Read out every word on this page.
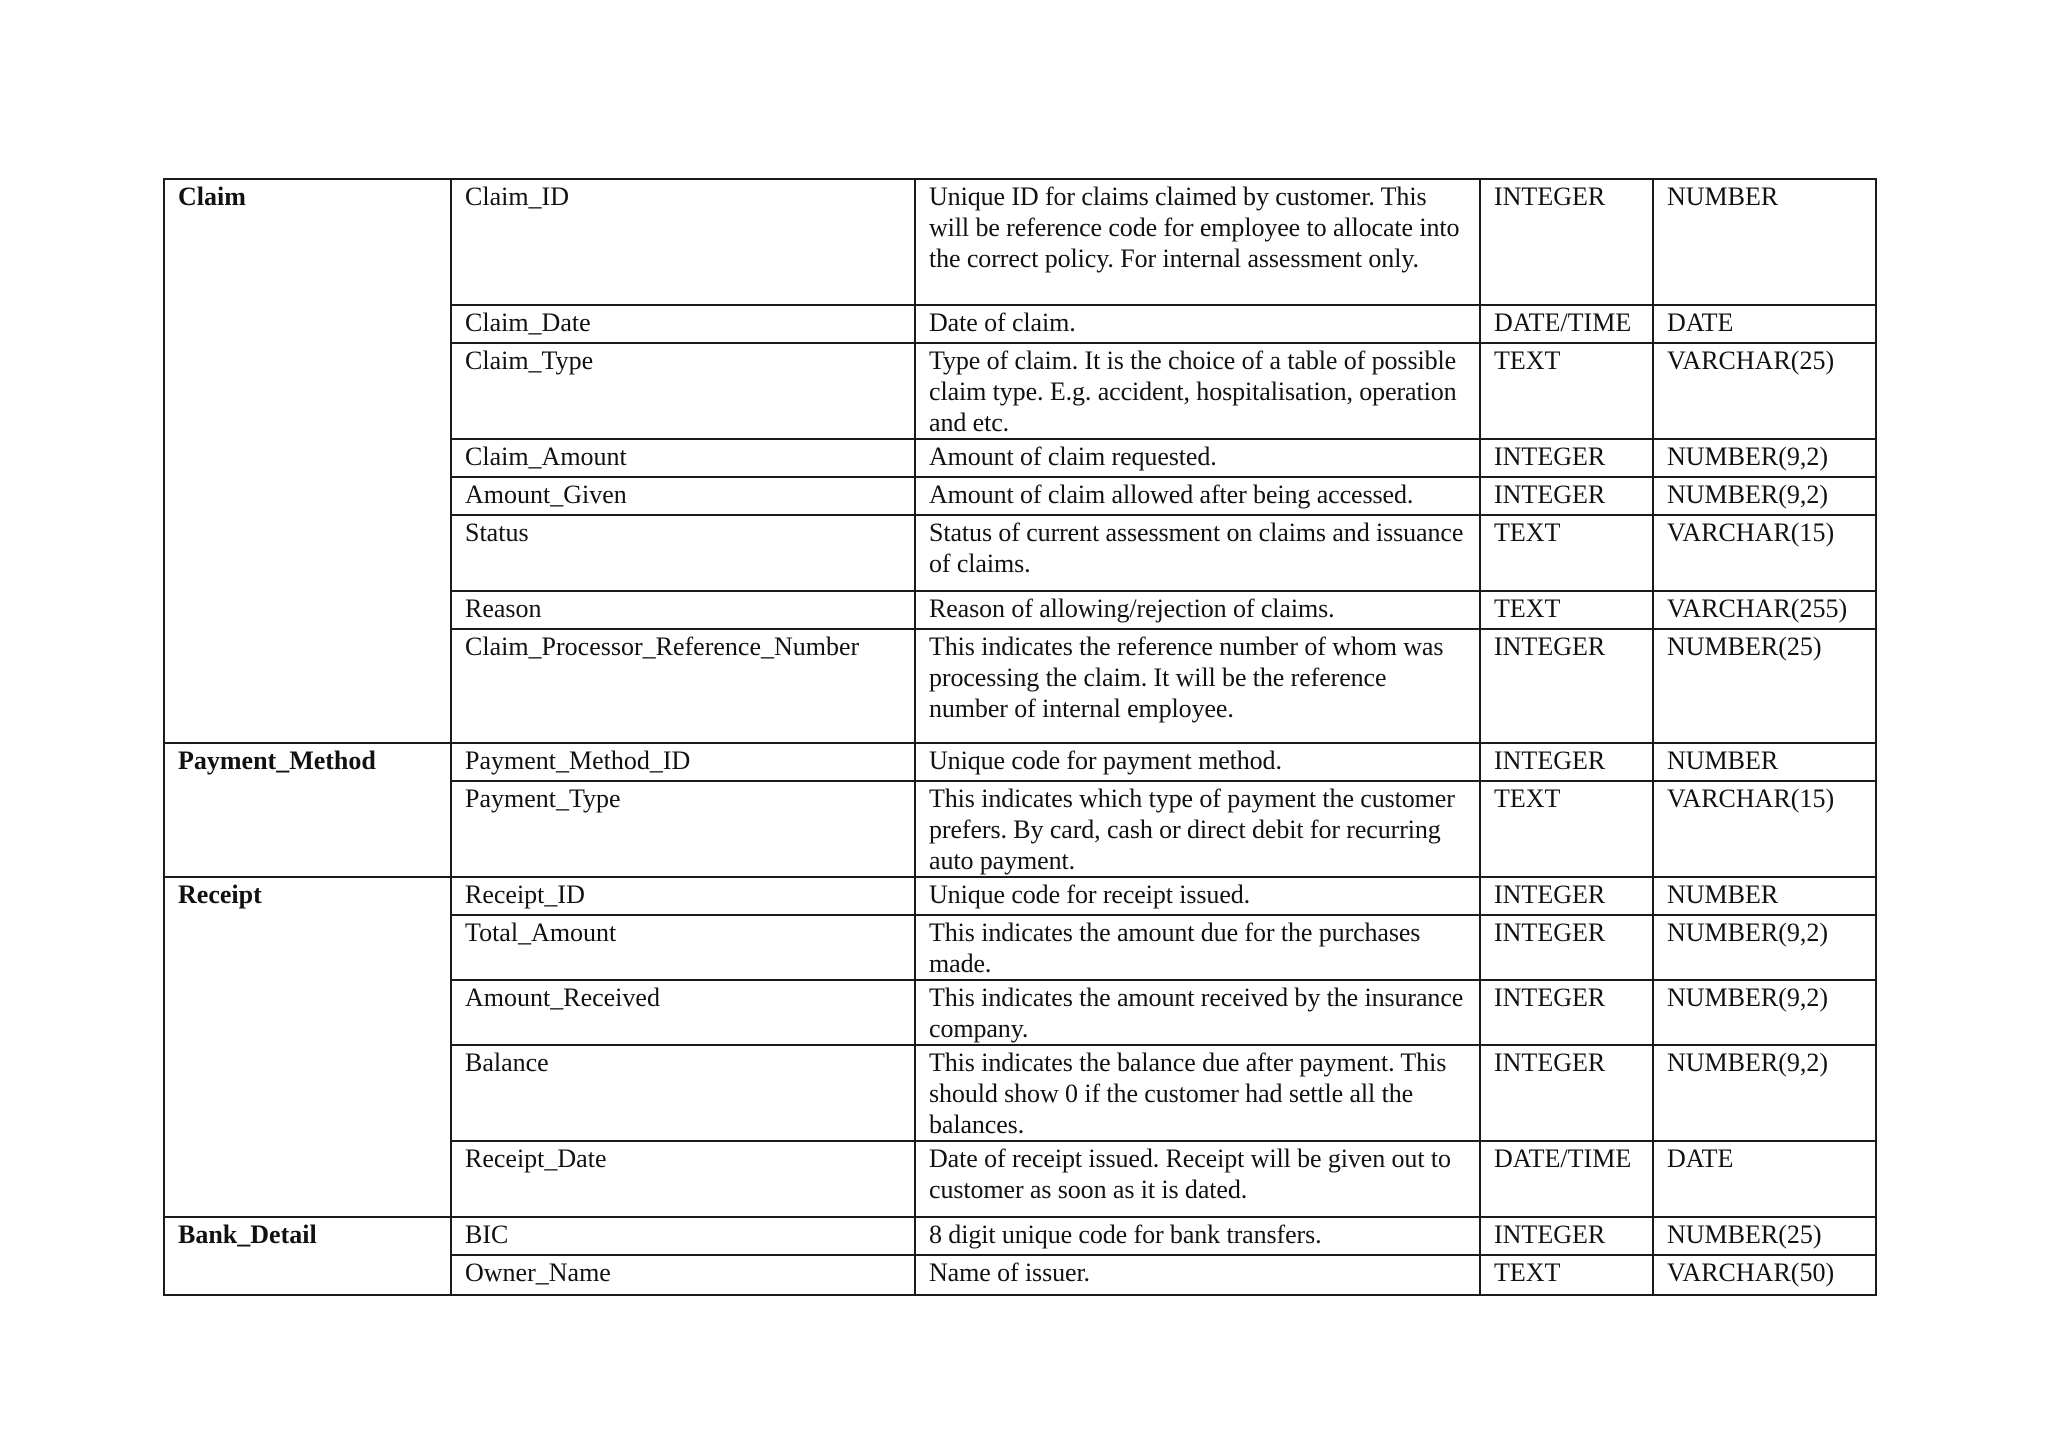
Claim	Claim_ID	Unique ID for claims claimed by customer. This will be reference code for employee to allocate into the correct policy. For internal assessment only.	INTEGER	NUMBER
	Claim_Date	Date of claim.	DATE/TIME	DATE
	Claim_Type	Type of claim. It is the choice of a table of possible claim type. E.g. accident, hospitalisation, operation and etc.	TEXT	VARCHAR(25)
	Claim_Amount	Amount of claim requested.	INTEGER	NUMBER(9,2)
	Amount_Given	Amount of claim allowed after being accessed.	INTEGER	NUMBER(9,2)
	Status	Status of current assessment on claims and issuance of claims.	TEXT	VARCHAR(15)
	Reason	Reason of allowing/rejection of claims.	TEXT	VARCHAR(255)
	Claim_Processor_Reference_Number	This indicates the reference number of whom was processing the claim. It will be the reference number of internal employee.	INTEGER	NUMBER(25)
Payment_Method	Payment_Method_ID	Unique code for payment method.	INTEGER	NUMBER
	Payment_Type	This indicates which type of payment the customer prefers. By card, cash or direct debit for recurring auto payment.	TEXT	VARCHAR(15)
Receipt	Receipt_ID	Unique code for receipt issued.	INTEGER	NUMBER
	Total_Amount	This indicates the amount due for the purchases made.	INTEGER	NUMBER(9,2)
	Amount_Received	This indicates the amount received by the insurance company.	INTEGER	NUMBER(9,2)
	Balance	This indicates the balance due after payment. This should show 0 if the customer had settle all the balances.	INTEGER	NUMBER(9,2)
	Receipt_Date	Date of receipt issued. Receipt will be given out to customer as soon as it is dated.	DATE/TIME	DATE
Bank_Detail	BIC	8 digit unique code for bank transfers.	INTEGER	NUMBER(25)
	Owner_Name	Name of issuer.	TEXT	VARCHAR(50)
